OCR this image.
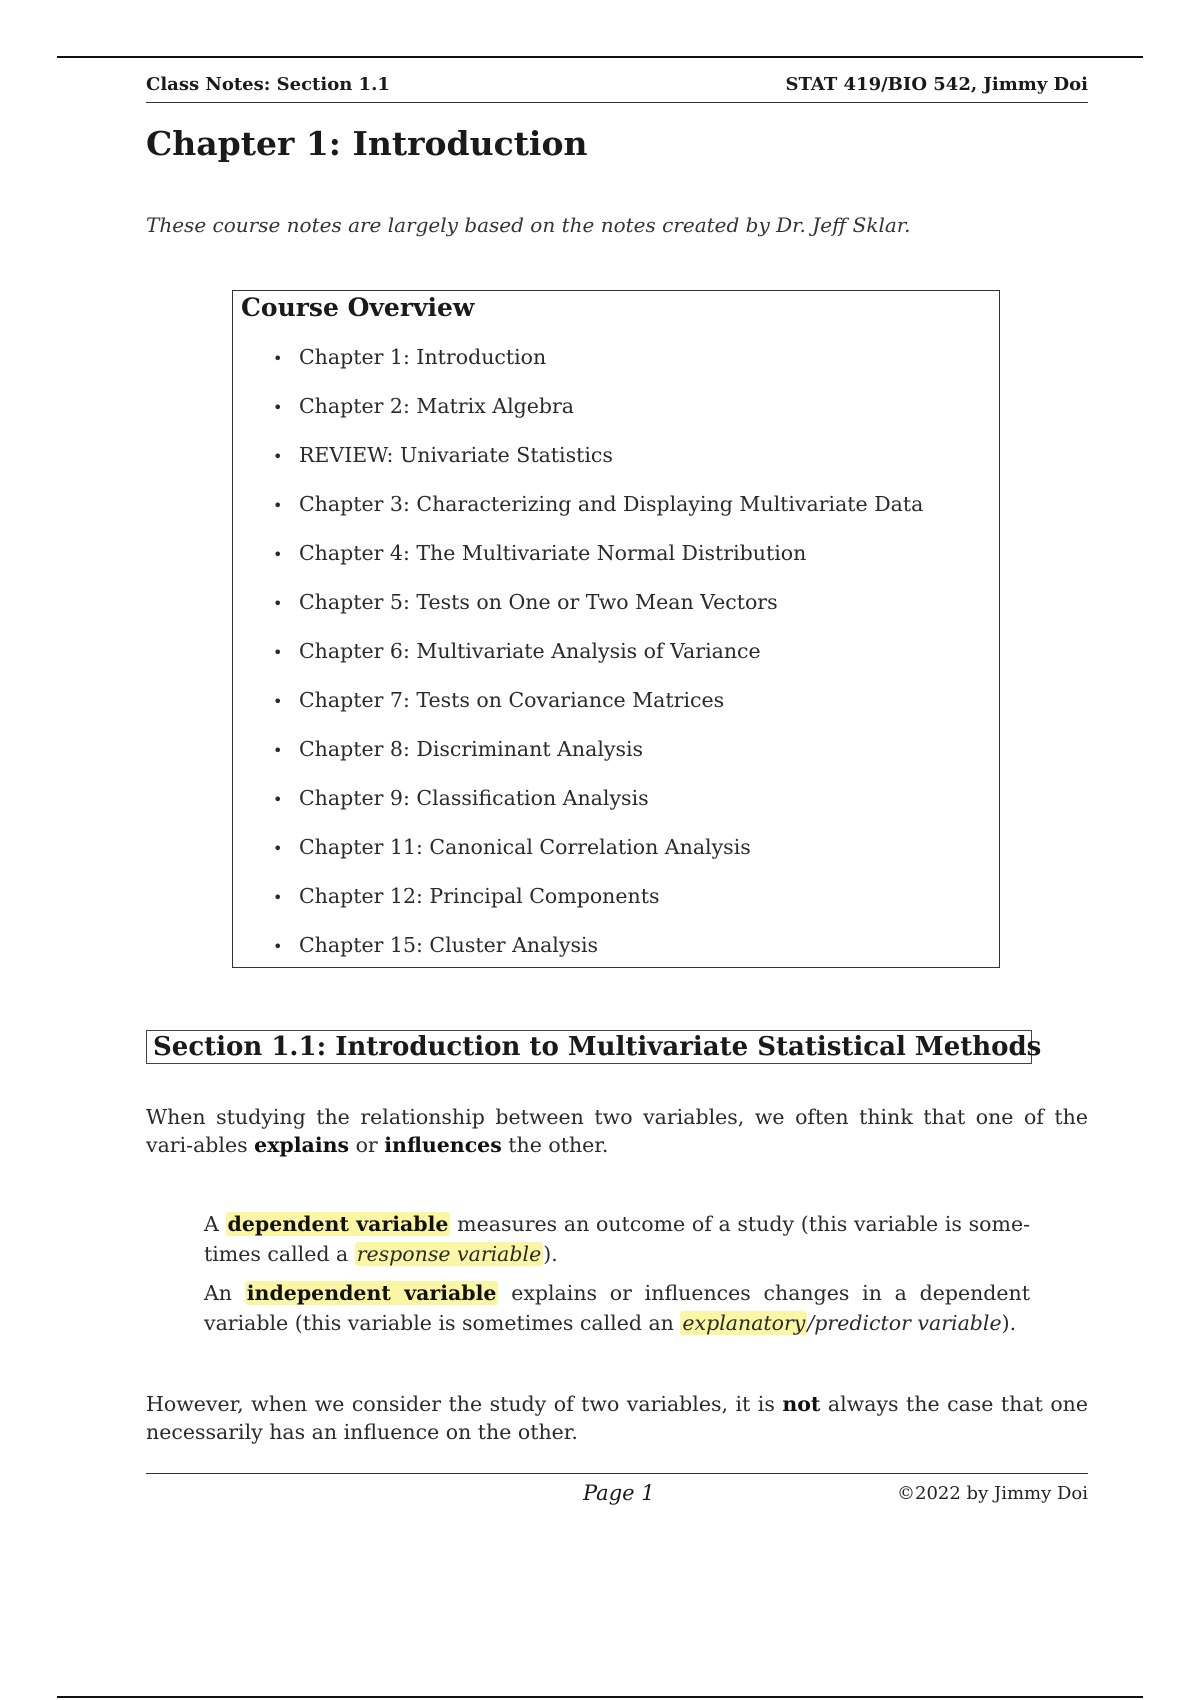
Class Notes: Section 1.1	STAT 419/BIO 542, Jimmy Doi
Chapter 1: Introduction
These course notes are largely based on the notes created by Dr. Jeff Sklar.
Course Overview
• Chapter 1: Introduction
• Chapter 2: Matrix Algebra
• REVIEW: Univariate Statistics
• Chapter 3: Characterizing and Displaying Multivariate Data
• Chapter 4: The Multivariate Normal Distribution
• Chapter 5: Tests on One or Two Mean Vectors
• Chapter 6: Multivariate Analysis of Variance
• Chapter 7: Tests on Covariance Matrices
• Chapter 8: Discriminant Analysis
• Chapter 9: Classification Analysis
• Chapter 11: Canonical Correlation Analysis
• Chapter 12: Principal Components
• Chapter 15: Cluster Analysis
Section 1.1: Introduction to Multivariate Statistical Methods

When studying the relationship between two variables, we often think that one of the vari-ables explains or influences the other.

A dependent variable measures an outcome of a study (this variable is some-times called a response variable).

An independent variable explains or influences changes in a dependent variable (this variable is sometimes called an explanatory/predictor variable).

However, when we consider the study of two variables, it is not always the case that one necessarily has an influence on the other.

Page 1	©2022 by Jimmy Doi
